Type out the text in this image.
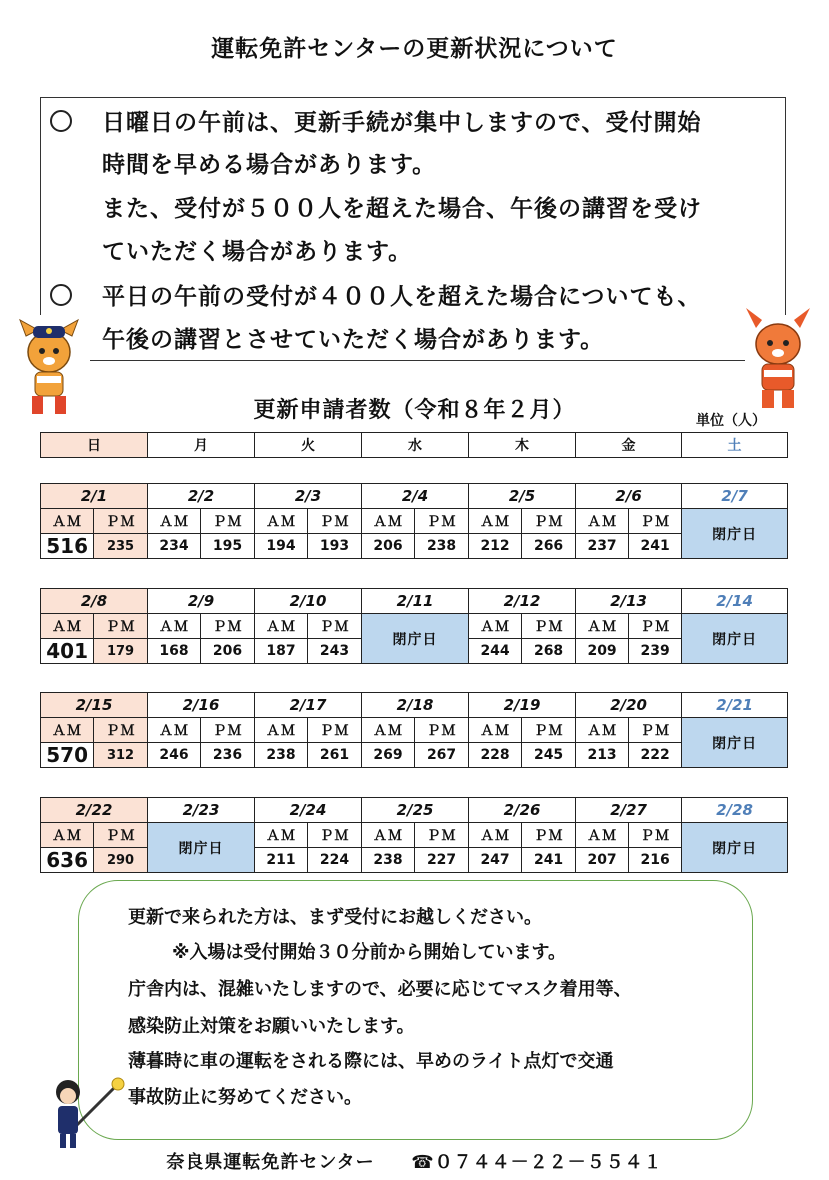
運転免許センターの更新状況について
日曜日の午前は、更新手続が集中しますので、受付開始
時間を早める場合があります。
また、受付が５００人を超えた場合、午後の講習を受け
ていただく場合があります。
平日の午前の受付が４００人を超えた場合についても、
午後の講習とさせていただく場合があります。
更新申請者数（令和８年２月）	単位（人）
日	月	火	水	木	金	土
2/1		2/2		2/3		2/4		2/5		2/6		2/7
ＡＭ	ＰＭ	ＡＭ	ＰＭ	ＡＭ	ＰＭ	ＡＭ	ＰＭ	ＡＭ	ＰＭ	ＡＭ	ＰＭ	閉庁日
516	235	234	195	194	193	206	238	212	266	237	241	
2/8		2/9		2/10		2/11	2/12		2/13		2/14
ＡＭ	ＰＭ	ＡＭ	ＰＭ	ＡＭ	ＰＭ	閉庁日	ＡＭ	ＰＭ	ＡＭ	ＰＭ	閉庁日
401	179	168	206	187	243		244	268	209	239	
2/15		2/16		2/17		2/18		2/19		2/20		2/21
ＡＭ	ＰＭ	ＡＭ	ＰＭ	ＡＭ	ＰＭ	ＡＭ	ＰＭ	ＡＭ	ＰＭ	ＡＭ	ＰＭ	閉庁日
570	312	246	236	238	261	269	267	228	245	213	222	
2/22		2/23	2/24		2/25		2/26		2/27		2/28
ＡＭ	ＰＭ	閉庁日	ＡＭ	ＰＭ	ＡＭ	ＰＭ	ＡＭ	ＰＭ	ＡＭ	ＰＭ	閉庁日
636	290		211	224	238	227	247	241	207	216	
更新で来られた方は、まず受付にお越しください。
※入場は受付開始３０分前から開始しています。
庁舎内は、混雑いたしますので、必要に応じてマスク着用等、
感染防止対策をお願いいたします。
薄暮時に車の運転をされる際には、早めのライト点灯で交通
事故防止に努めてください。
奈良県運転免許センター ☎０７４４－２２－５５４１
